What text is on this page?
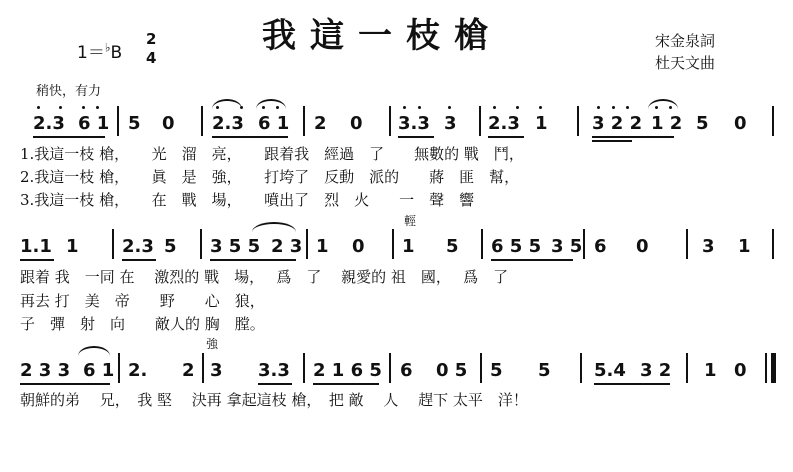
我這一枝槍
1＝♭B
2
4
宋金泉詞
杜天文曲
稍快，有力
2.3 6 1 5 0 2.3 6 1 2 0 3.3 3 2.3 1 3 2 2 1 2 5 0
1.我這一枝 槍，　　光　溜　亮，　　跟着我　經過　了　　無數的 戰　鬥，
2.我這一枝 槍，　　眞　是　強，　　打垮了　反動　派的　　蔣　匪　幫，
3.我這一枝 槍，　　在　戰　場，　　噴出了　烈　火　　一　聲　響
輕
1.1 1 2.3 5 3 5 5 2 3 1 0 1 5 6 5 5 3 5 6 0	3 1
跟着 我　一同 在　 激烈的 戰　場，　 爲　了　 親愛的 祖　國，　 爲　了
再去 打　美　帝　　野　　心　狼，
子　彈　射　向　　敵人的 胸　膛。
強
2 3 3 6 1 2. 2 3 3.3 2 1 6 5 6 0 5 5 5 5.4 3 2 1 0
朝鮮的弟　 兄，　我 堅　 決再 拿起這枝 槍，　把 敵　 人　 趕下 太平　洋！
